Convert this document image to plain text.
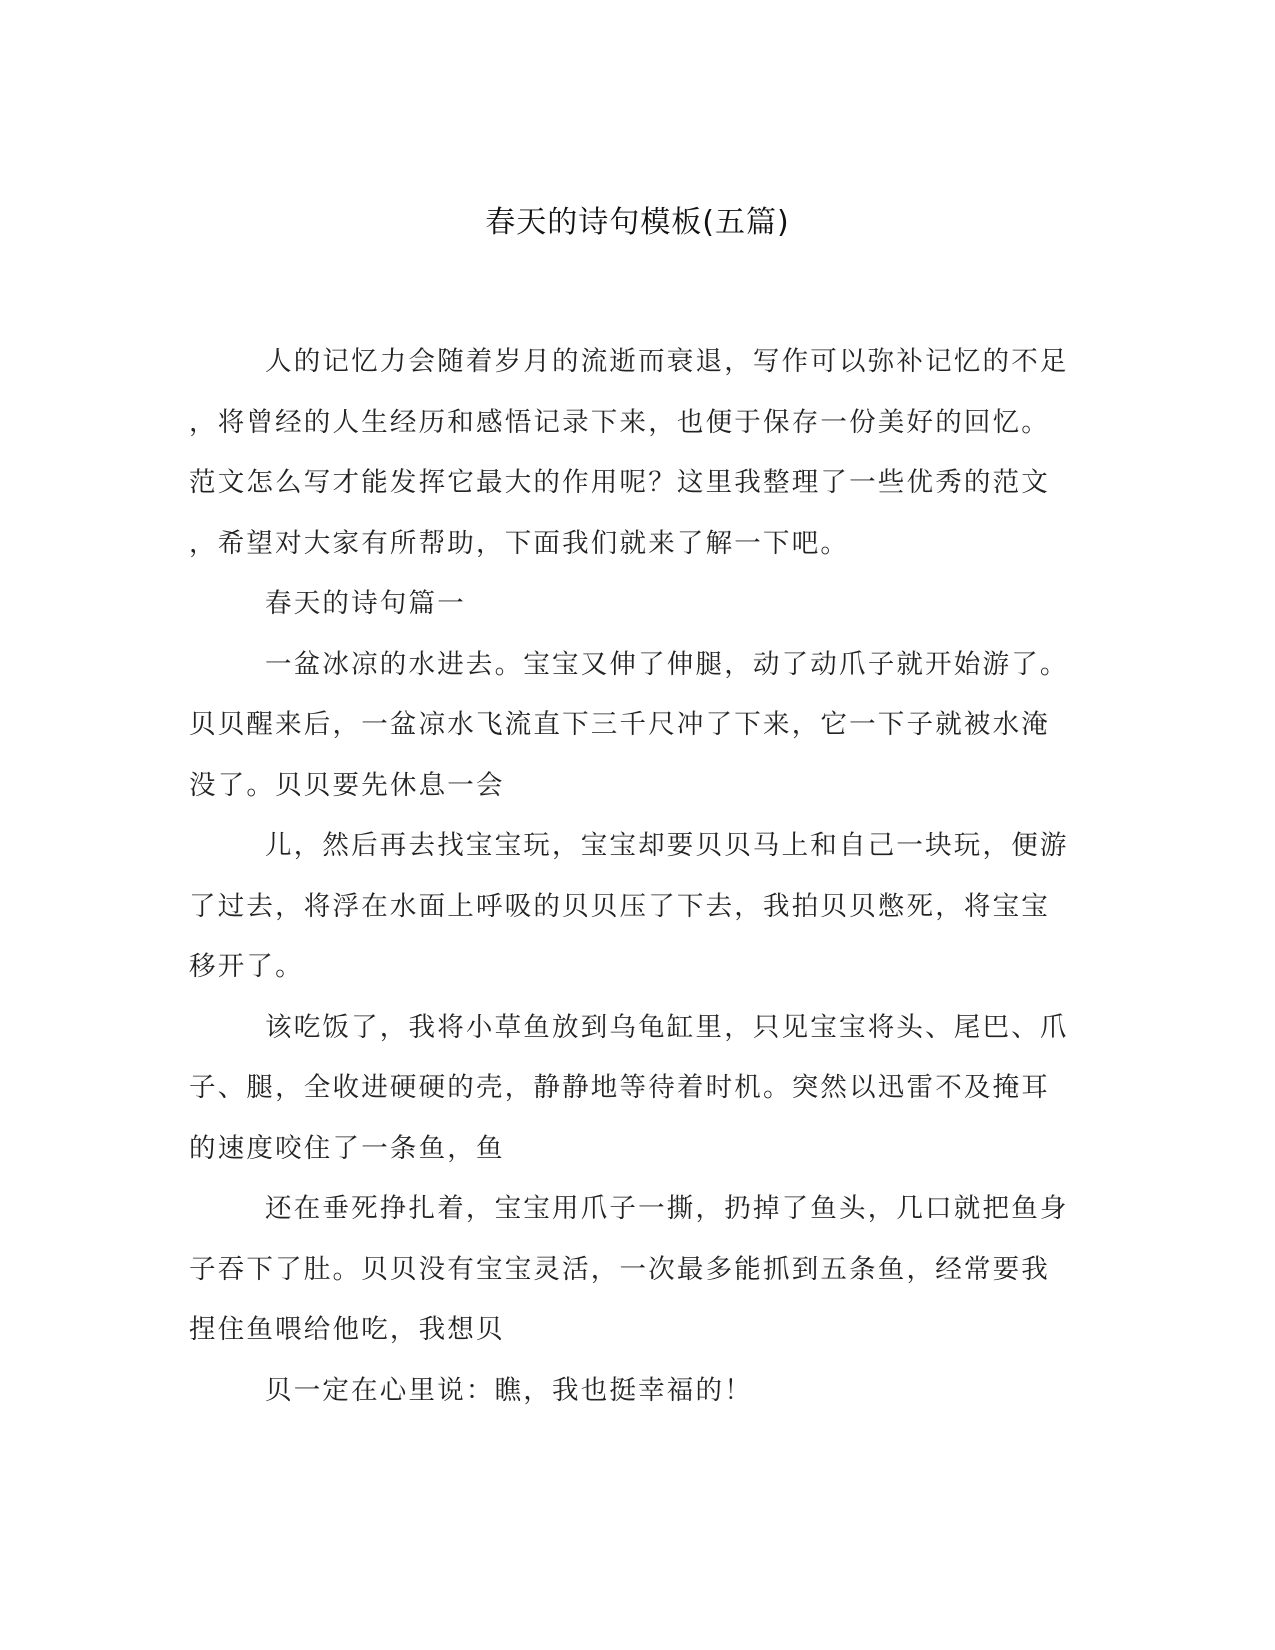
春天的诗句模板(五篇)
人的记忆力会随着岁月的流逝而衰退，写作可以弥补记忆的不足
，将曾经的人生经历和感悟记录下来，也便于保存一份美好的回忆。
范文怎么写才能发挥它最大的作用呢？这里我整理了一些优秀的范文
，希望对大家有所帮助，下面我们就来了解一下吧。
春天的诗句篇一
一盆冰凉的水进去。宝宝又伸了伸腿，动了动爪子就开始游了。
贝贝醒来后，一盆凉水飞流直下三千尺冲了下来，它一下子就被水淹
没了。贝贝要先休息一会
儿，然后再去找宝宝玩，宝宝却要贝贝马上和自己一块玩，便游
了过去，将浮在水面上呼吸的贝贝压了下去，我拍贝贝憋死，将宝宝
移开了。
该吃饭了，我将小草鱼放到乌龟缸里，只见宝宝将头、尾巴、爪
子、腿，全收进硬硬的壳，静静地等待着时机。突然以迅雷不及掩耳
的速度咬住了一条鱼，鱼
还在垂死挣扎着，宝宝用爪子一撕，扔掉了鱼头，几口就把鱼身
子吞下了肚。贝贝没有宝宝灵活，一次最多能抓到五条鱼，经常要我
捏住鱼喂给他吃，我想贝
贝一定在心里说：瞧，我也挺幸福的！
